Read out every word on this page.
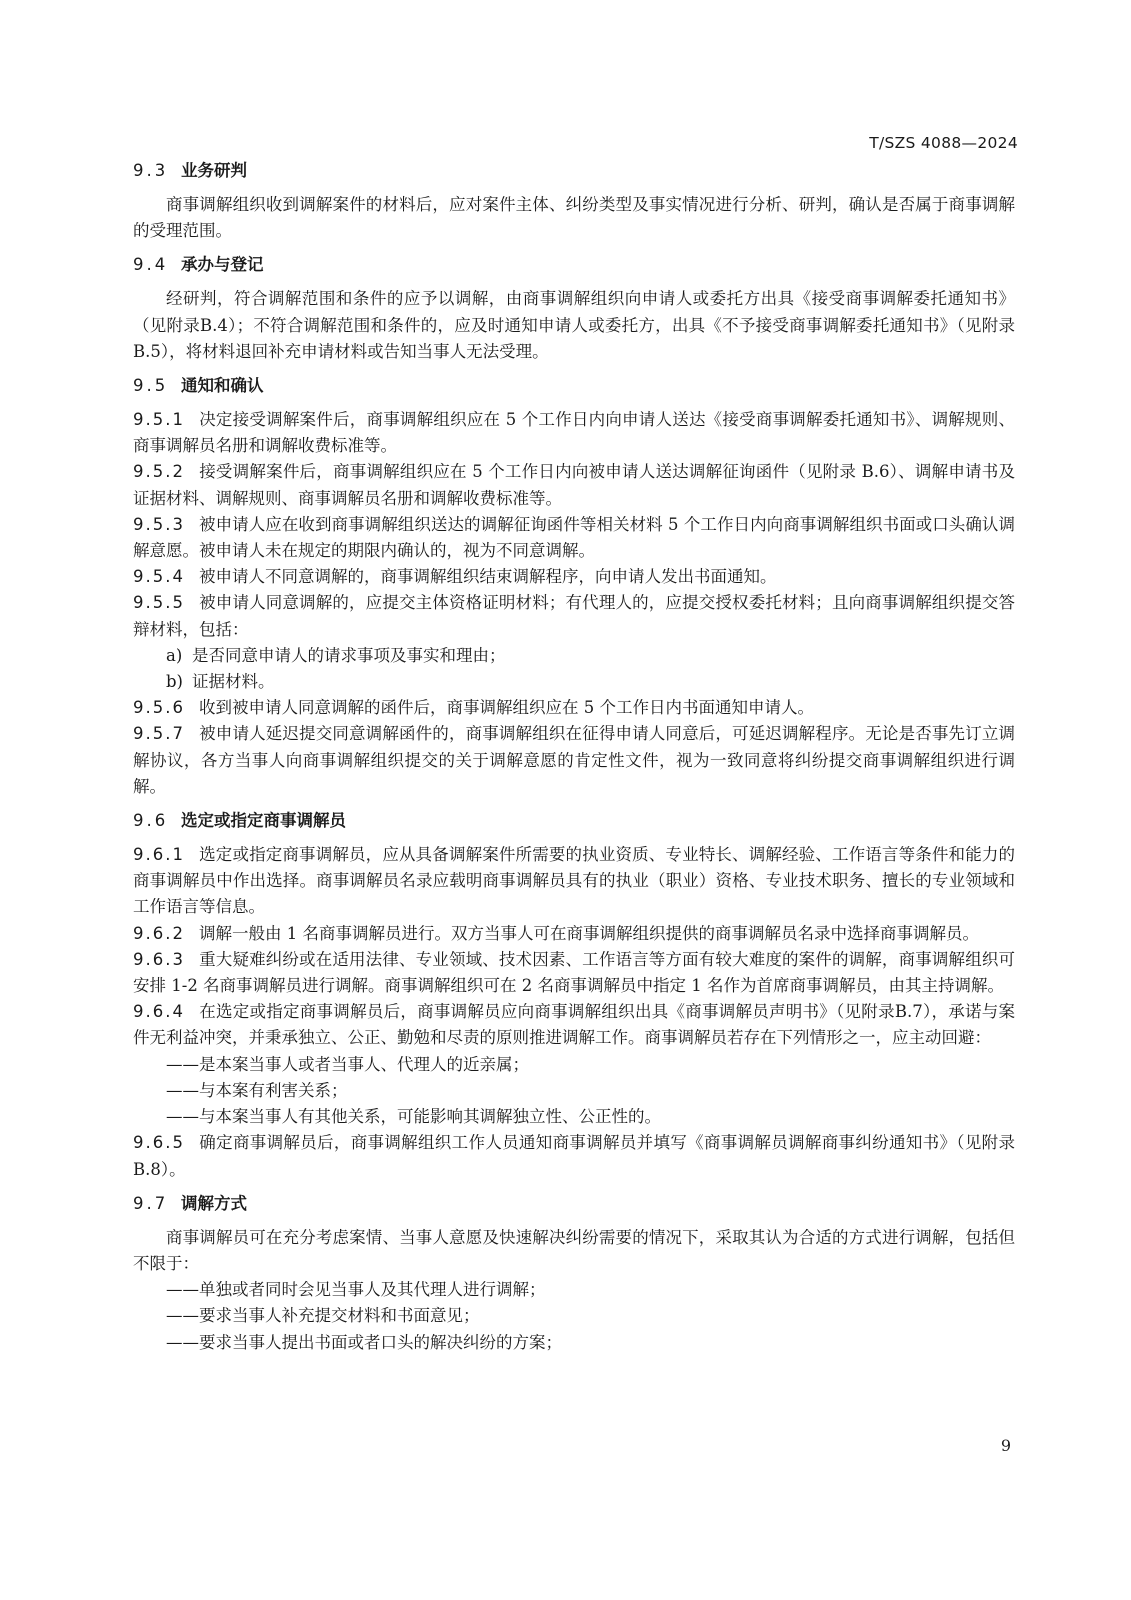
T/SZS 4088—2024
9.3 业务研判

商事调解组织收到调解案件的材料后，应对案件主体、纠纷类型及事实情况进行分析、研判，确认是否属于商事调解的受理范围。

9.4 承办与登记

经研判，符合调解范围和条件的应予以调解，由商事调解组织向申请人或委托方出具《接受商事调解委托通知书》（见附录B.4）；不符合调解范围和条件的，应及时通知申请人或委托方，出具《不予接受商事调解委托通知书》（见附录B.5），将材料退回补充申请材料或告知当事人无法受理。

9.5 通知和确认

9.5.1 决定接受调解案件后，商事调解组织应在 5 个工作日内向申请人送达《接受商事调解委托通知书》、调解规则、商事调解员名册和调解收费标准等。

9.5.2 接受调解案件后，商事调解组织应在 5 个工作日内向被申请人送达调解征询函件（见附录 B.6）、调解申请书及证据材料、调解规则、商事调解员名册和调解收费标准等。

9.5.3 被申请人应在收到商事调解组织送达的调解征询函件等相关材料 5 个工作日内向商事调解组织书面或口头确认调解意愿。被申请人未在规定的期限内确认的，视为不同意调解。

9.5.4 被申请人不同意调解的，商事调解组织结束调解程序，向申请人发出书面通知。

9.5.5 被申请人同意调解的，应提交主体资格证明材料；有代理人的，应提交授权委托材料；且向商事调解组织提交答辩材料，包括：

a) 是否同意申请人的请求事项及事实和理由；

b) 证据材料。

9.5.6 收到被申请人同意调解的函件后，商事调解组织应在 5 个工作日内书面通知申请人。

9.5.7 被申请人延迟提交同意调解函件的，商事调解组织在征得申请人同意后，可延迟调解程序。无论是否事先订立调解协议，各方当事人向商事调解组织提交的关于调解意愿的肯定性文件，视为一致同意将纠纷提交商事调解组织进行调解。

9.6 选定或指定商事调解员

9.6.1 选定或指定商事调解员，应从具备调解案件所需要的执业资质、专业特长、调解经验、工作语言等条件和能力的商事调解员中作出选择。商事调解员名录应载明商事调解员具有的执业（职业）资格、专业技术职务、擅长的专业领域和工作语言等信息。

9.6.2 调解一般由 1 名商事调解员进行。双方当事人可在商事调解组织提供的商事调解员名录中选择商事调解员。

9.6.3 重大疑难纠纷或在适用法律、专业领域、技术因素、工作语言等方面有较大难度的案件的调解，商事调解组织可安排 1-2 名商事调解员进行调解。商事调解组织可在 2 名商事调解员中指定 1 名作为首席商事调解员，由其主持调解。

9.6.4 在选定或指定商事调解员后，商事调解员应向商事调解组织出具《商事调解员声明书》（见附录B.7），承诺与案件无利益冲突，并秉承独立、公正、勤勉和尽责的原则推进调解工作。商事调解员若存在下列情形之一，应主动回避：

——是本案当事人或者当事人、代理人的近亲属；

——与本案有利害关系；

——与本案当事人有其他关系，可能影响其调解独立性、公正性的。

9.6.5 确定商事调解员后，商事调解组织工作人员通知商事调解员并填写《商事调解员调解商事纠纷通知书》（见附录 B.8）。

9.7 调解方式

商事调解员可在充分考虑案情、当事人意愿及快速解决纠纷需要的情况下，采取其认为合适的方式进行调解，包括但不限于：

——单独或者同时会见当事人及其代理人进行调解；

——要求当事人补充提交材料和书面意见；

——要求当事人提出书面或者口头的解决纠纷的方案；

9
